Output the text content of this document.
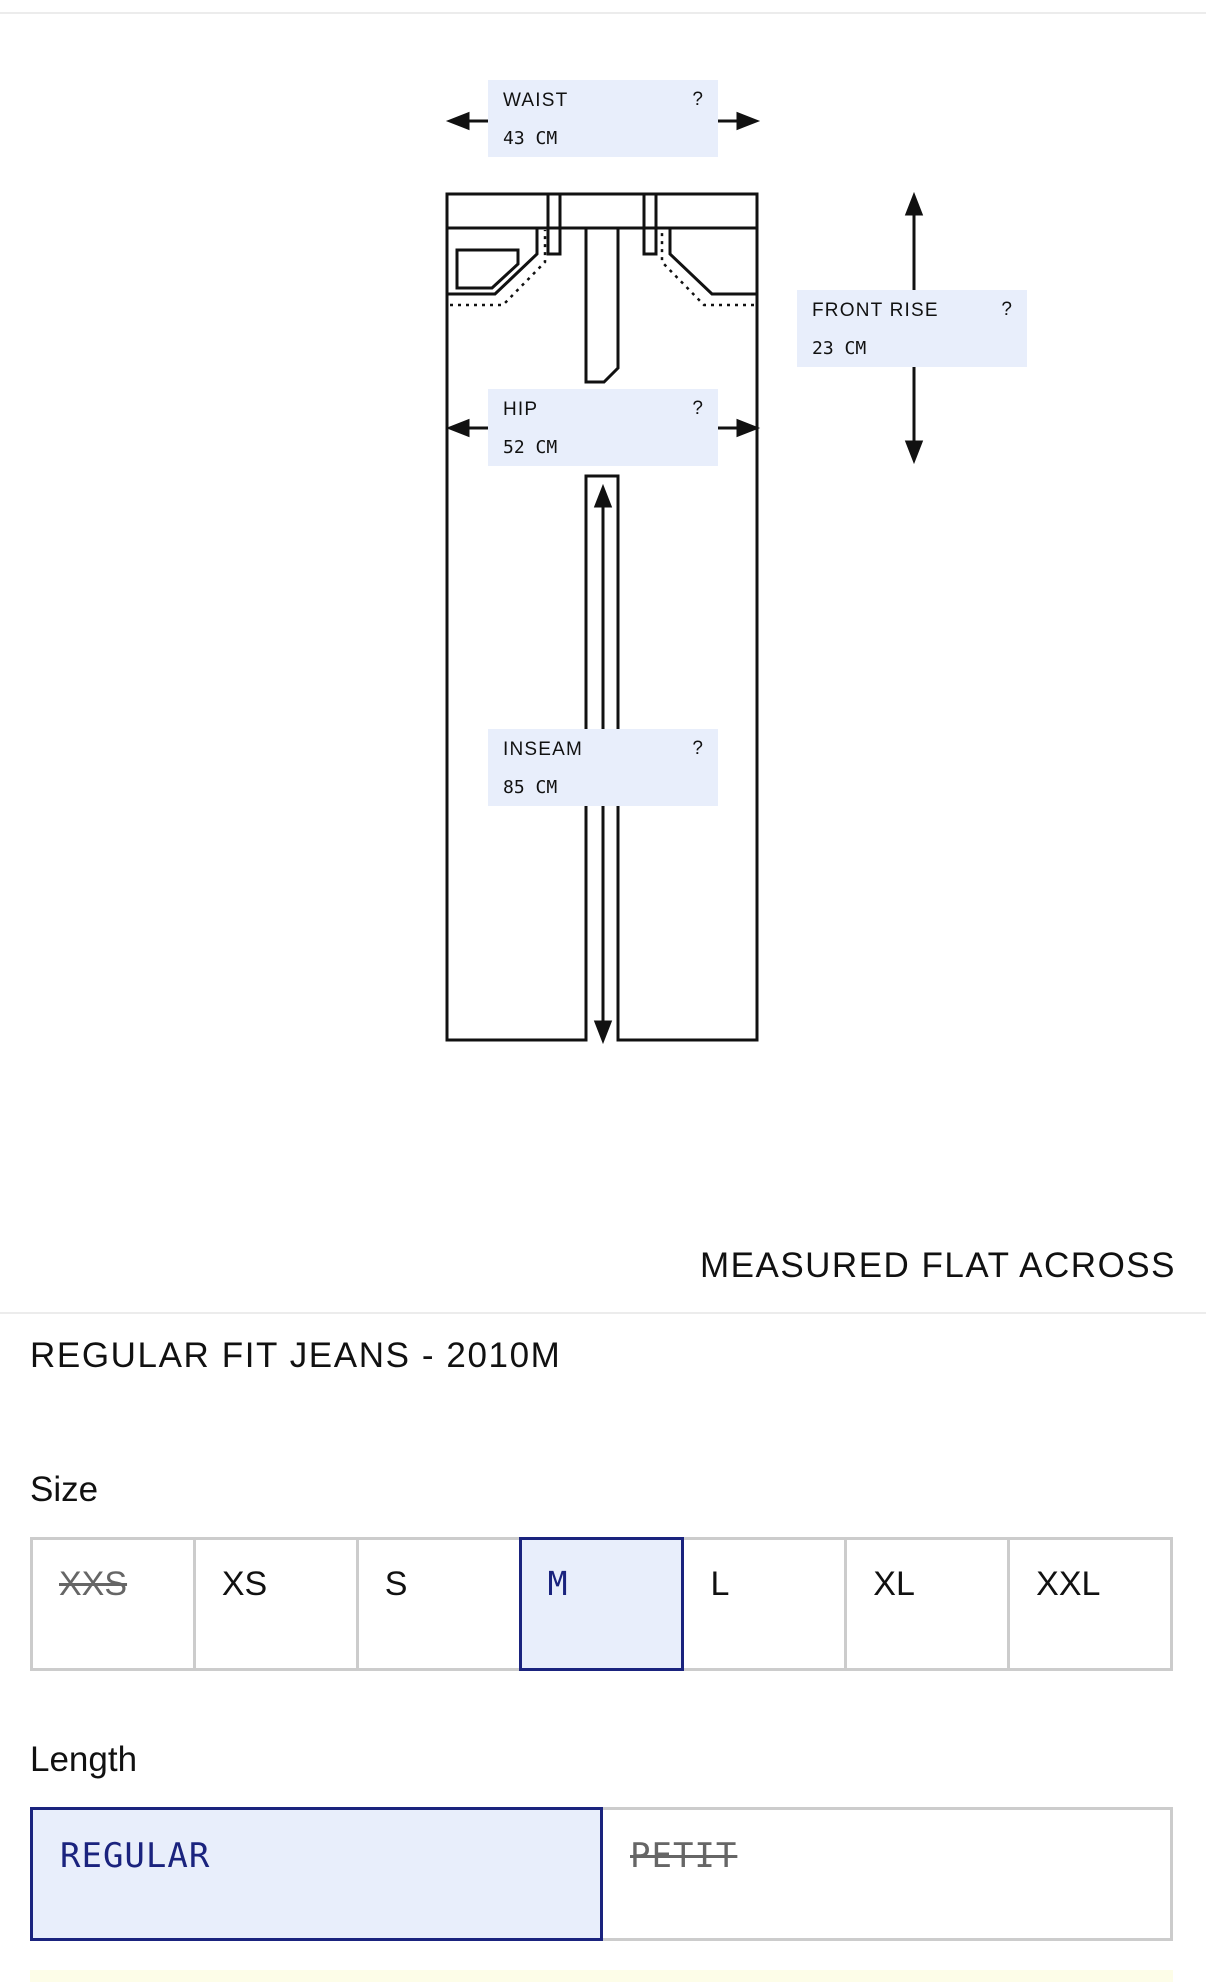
WAIST	?
43 CM
FRONT RISE	?
23 CM
HIP	?
52 CM
INSEAM	?
85 CM
MEASURED FLAT ACROSS
REGULAR FIT JEANS - 2010M
Size
XXS	XS	S	M	L	XL	XXL
Length
REGULAR	PETIT
